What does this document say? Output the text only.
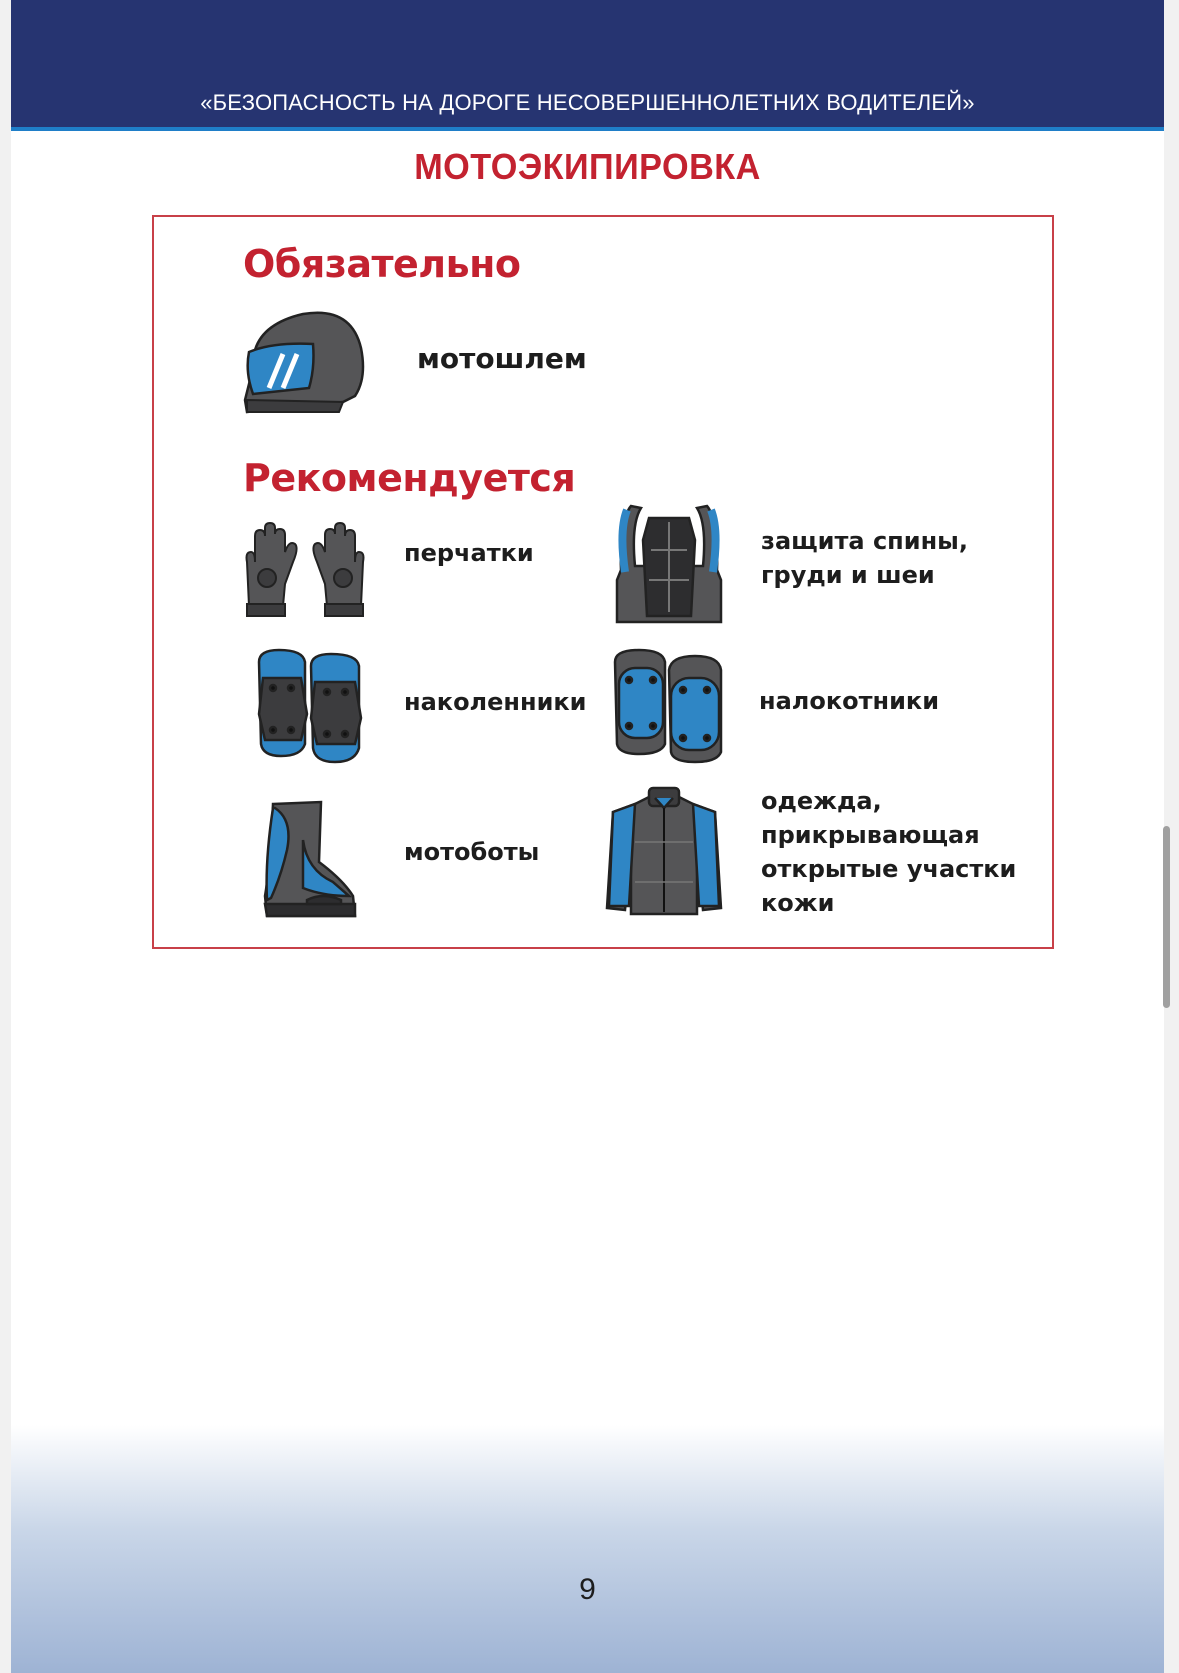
«БЕЗОПАСНОСТЬ НА ДОРОГЕ НЕСОВЕРШЕННОЛЕТНИХ ВОДИТЕЛЕЙ»
МОТОЭКИПИРОВКА
Обязательно
мотошлем
Рекомендуется
перчатки	защита спины,
груди и шеи
наколенники	налокотники
мотоботы
одежда,
прикрывающая
открытые участки
кожи
9
